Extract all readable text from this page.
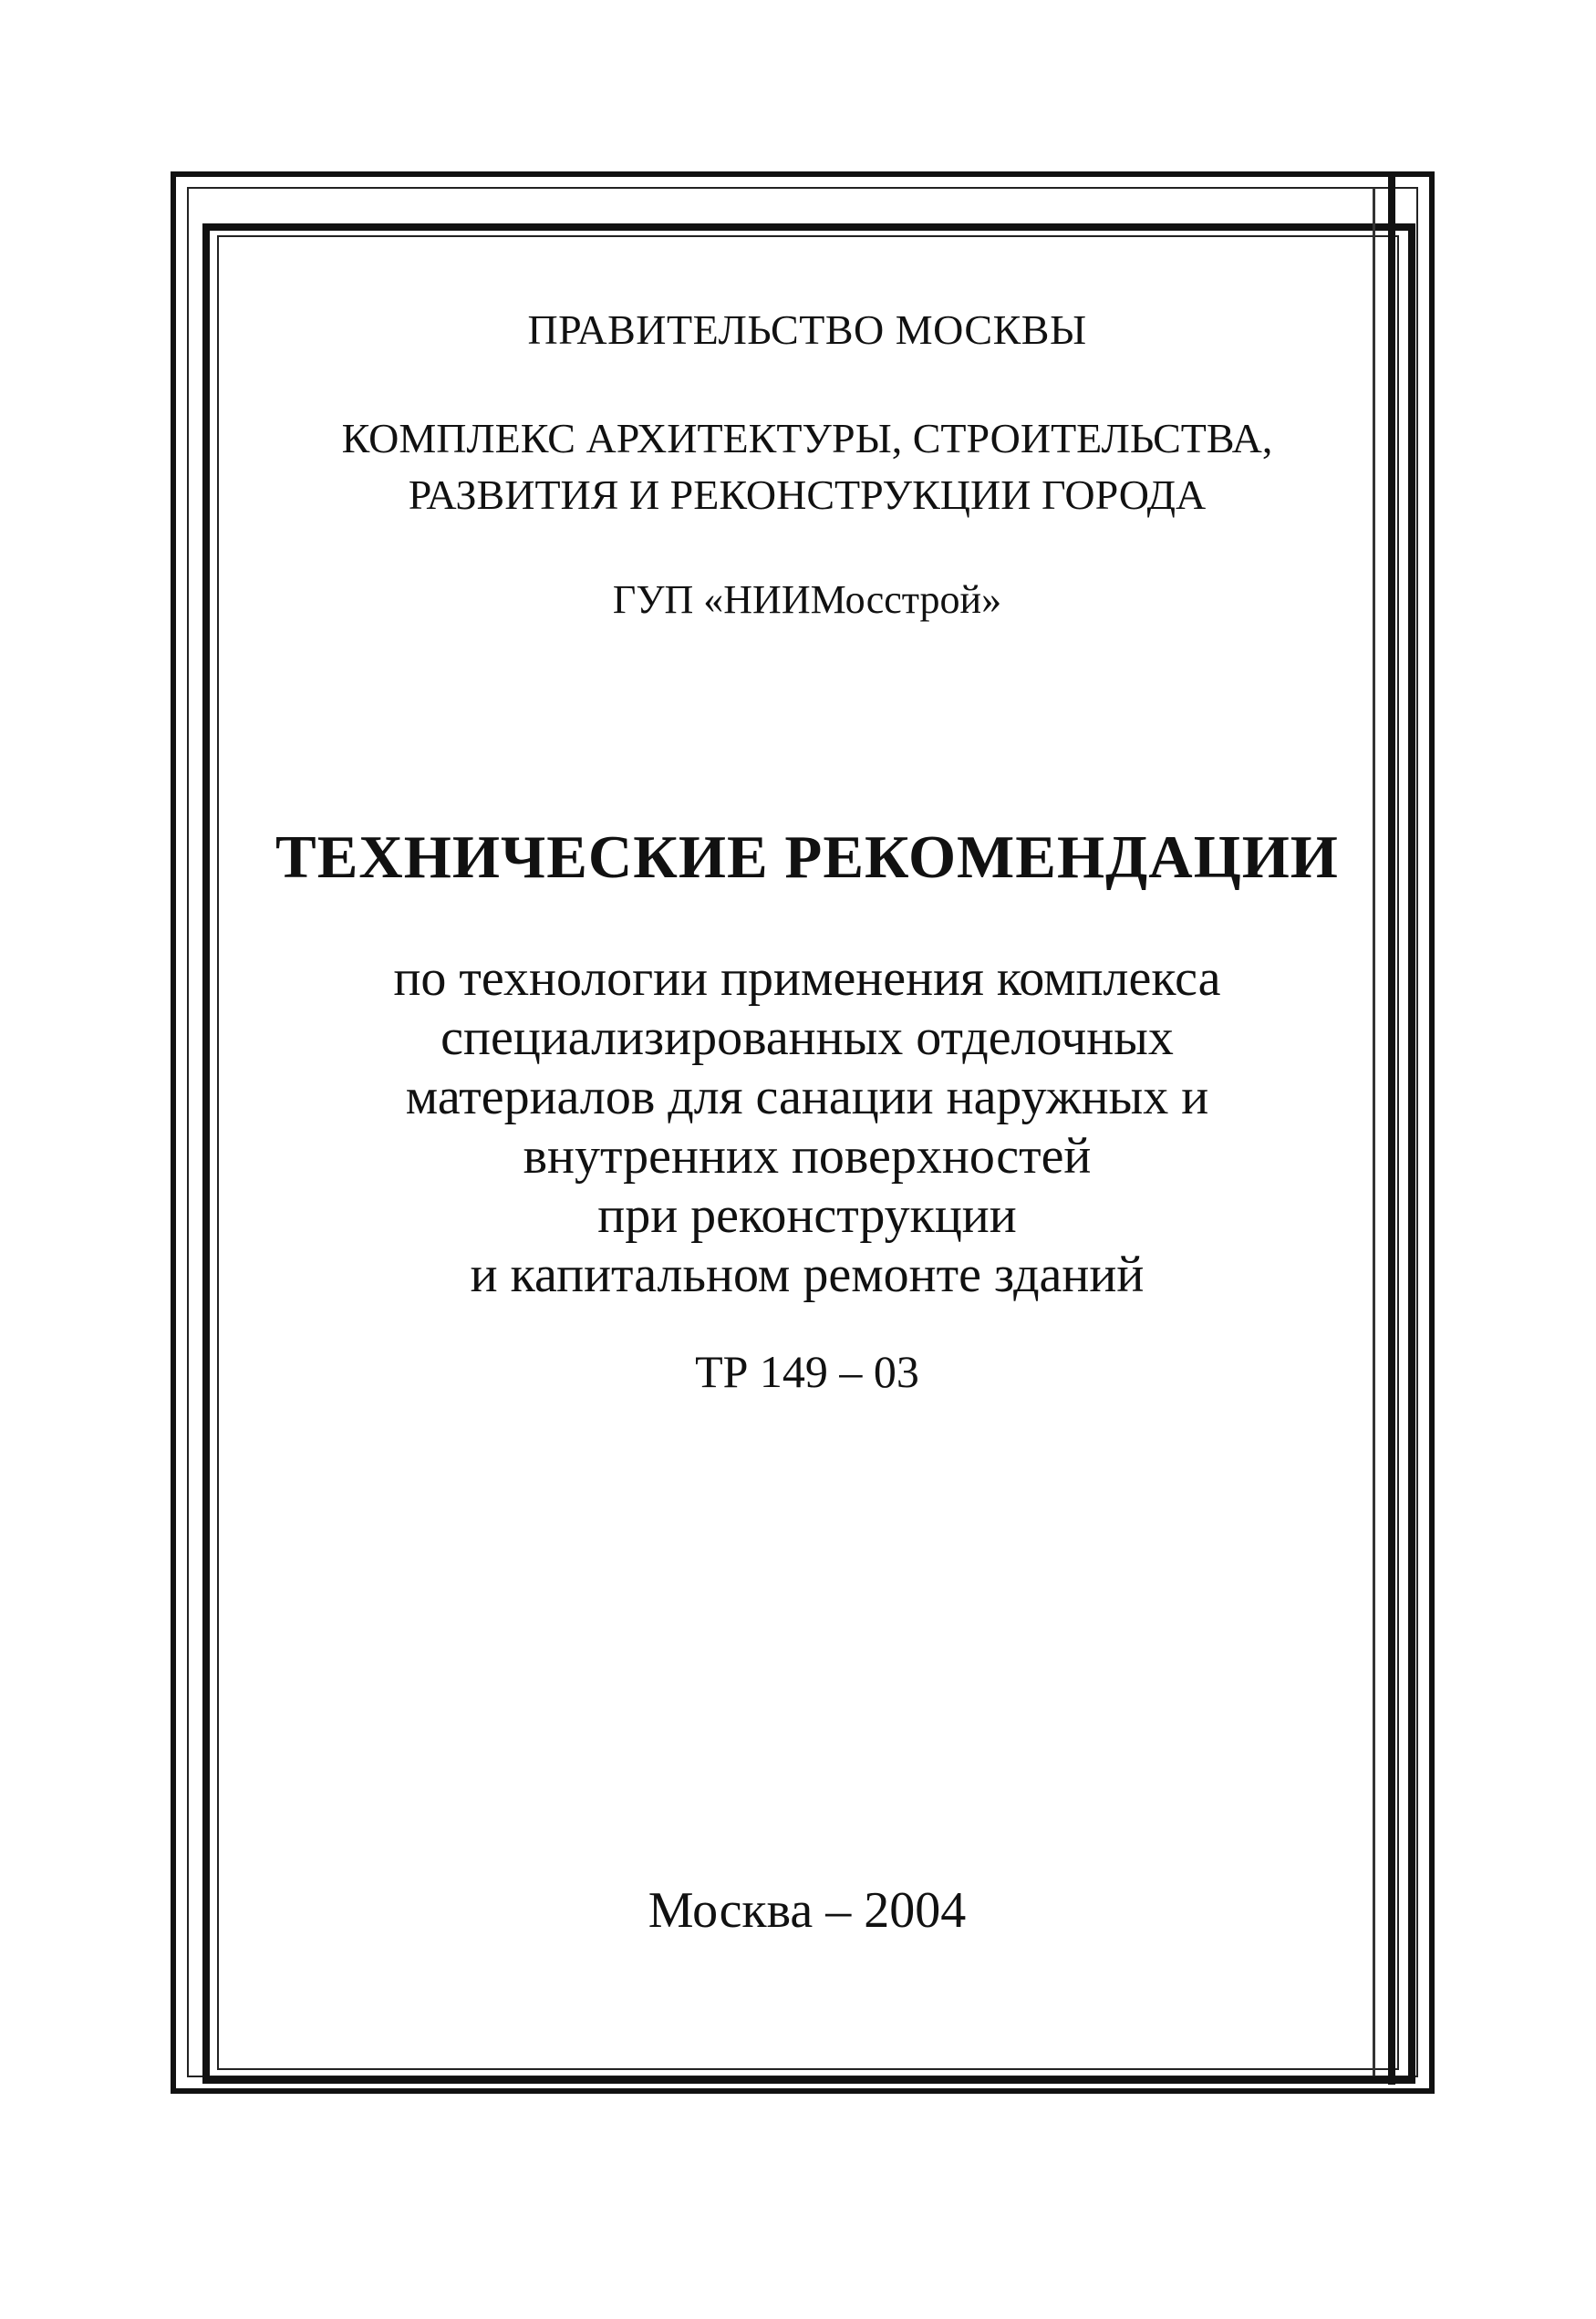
ПРАВИТЕЛЬСТВО МОСКВЫ
КОМПЛЕКС АРХИТЕКТУРЫ, СТРОИТЕЛЬСТВА,
РАЗВИТИЯ И РЕКОНСТРУКЦИИ ГОРОДА
ГУП «НИИМосстрой»
ТЕХНИЧЕСКИЕ РЕКОМЕНДАЦИИ
по технологии применения комплекса
специализированных отделочных
материалов для санации наружных и
внутренних поверхностей
при реконструкции
и капитальном ремонте зданий
ТР 149 – 03
Москва – 2004
